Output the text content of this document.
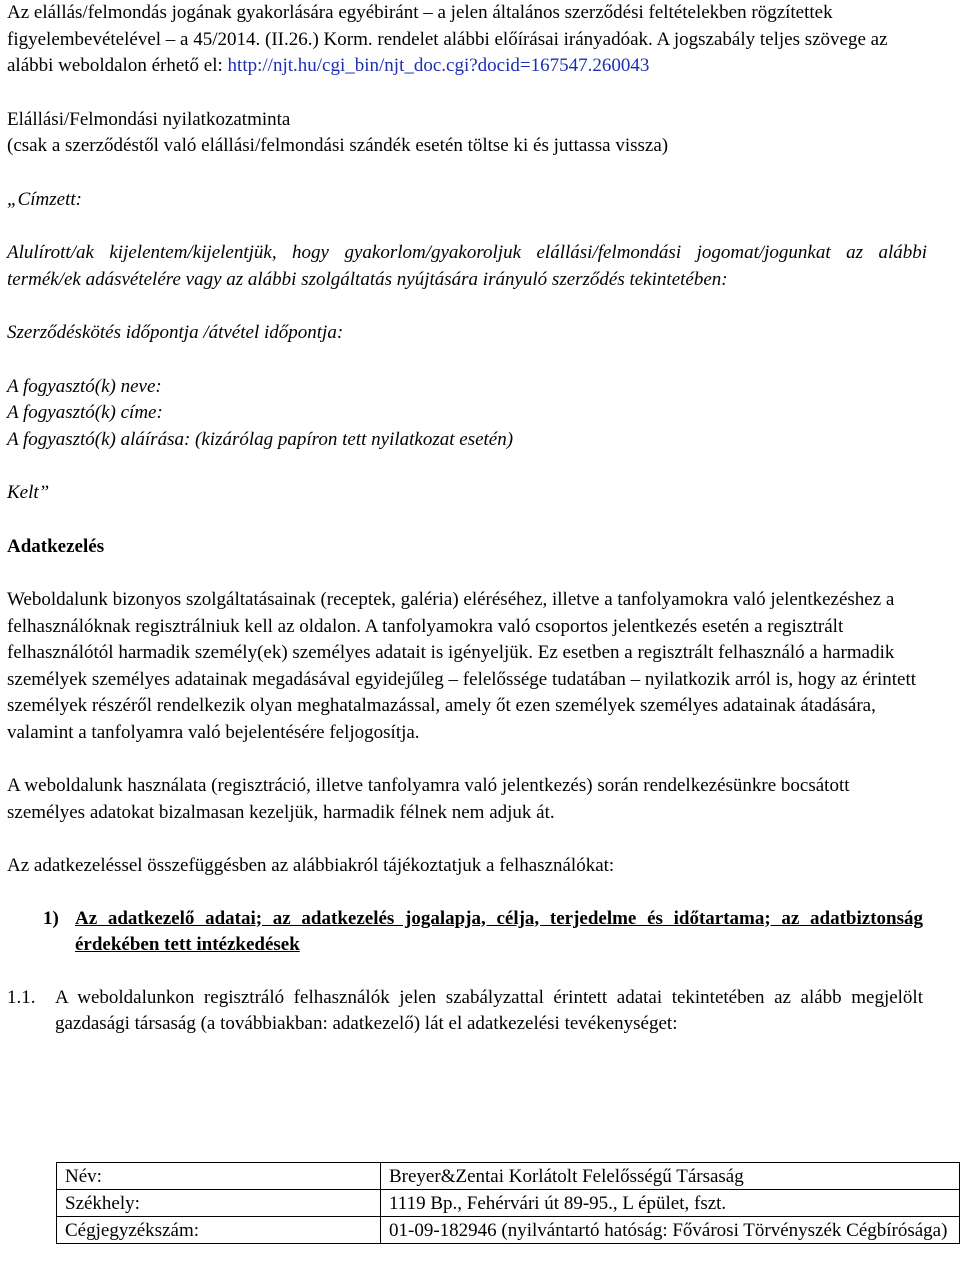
Az elállás/felmondás jogának gyakorlására egyébiránt – a jelen általános szerződési feltételekben rögzítettek figyelembevételével – a 45/2014. (II.26.) Korm. rendelet alábbi előírásai irányadóak. A jogszabály teljes szövege az alábbi weboldalon érhető el: http://njt.hu/cgi_bin/njt_doc.cgi?docid=167547.260043

Elállási/Felmondási nyilatkozatminta

(csak a szerződéstől való elállási/felmondási szándék esetén töltse ki és juttassa vissza)

„Címzett:

Alulírott/ak kijelentem/kijelentjük, hogy gyakorlom/gyakoroljuk elállási/felmondási jogomat/jogunkat az alábbi termék/ek adásvételére vagy az alábbi szolgáltatás nyújtására irányuló szerződés tekintetében:

Szerződéskötés időpontja /átvétel időpontja:

A fogyasztó(k) neve:

A fogyasztó(k) címe:

A fogyasztó(k) aláírása: (kizárólag papíron tett nyilatkozat esetén)

Kelt”

Adatkezelés

Weboldalunk bizonyos szolgáltatásainak (receptek, galéria) eléréséhez, illetve a tanfolyamokra való jelentkezéshez a felhasználóknak regisztrálniuk kell az oldalon. A tanfolyamokra való csoportos jelentkezés esetén a regisztrált felhasználótól harmadik személy(ek) személyes adatait is igényeljük. Ez esetben a regisztrált felhasználó a harmadik személyek személyes adatainak megadásával egyidejűleg – felelőssége tudatában – nyilatkozik arról is, hogy az érintett személyek részéről rendelkezik olyan meghatalmazással, amely őt ezen személyek személyes adatainak átadására, valamint a tanfolyamra való bejelentésére feljogosítja.

A weboldalunk használata (regisztráció, illetve tanfolyamra való jelentkezés) során rendelkezésünkre bocsátott személyes adatokat bizalmasan kezeljük, harmadik félnek nem adjuk át.

Az adatkezeléssel összefüggésben az alábbiakról tájékoztatjuk a felhasználókat:

1) Az adatkezelő adatai; az adatkezelés jogalapja, célja, terjedelme és időtartama; az adatbiztonság érdekében tett intézkedések

1.1. A weboldalunkon regisztráló felhasználók jelen szabályzattal érintett adatai tekintetében az alább megjelölt gazdasági társaság (a továbbiakban: adatkezelő) lát el adatkezelési tevékenységet:

Név:	Breyer&Zentai Korlátolt Felelősségű Társaság
Székhely:	1119 Bp., Fehérvári út 89-95., L épület, fszt.
Cégjegyzékszám:	01-09-182946 (nyilvántartó hatóság: Fővárosi Törvényszék Cégbírósága)
